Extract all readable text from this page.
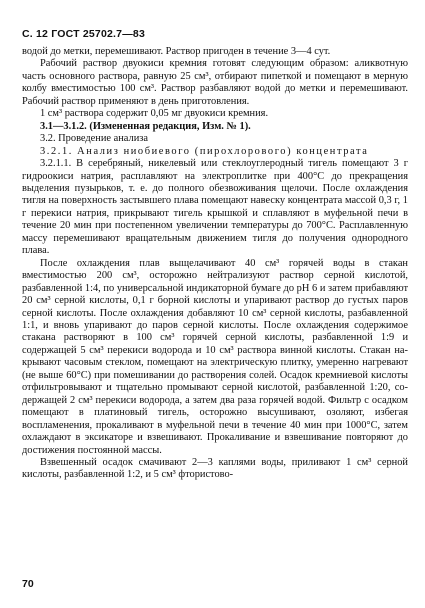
С. 12 ГОСТ 25702.7—83

водой до метки, перемешивают. Раствор пригоден в течение 3—4 сут.

Рабочий раствор двуокиси кремния готовят следующим образом: аликвотную часть основного раствора, равную 25 см³, отбирают пипеткой и помещают в мерную колбу вместимостью 100 см³. Раствор разбавляют водой до метки и перемешивают. Рабочий раствор применяют в день приготовления.

1 см³ раствора содержит 0,05 мг двуокиси кремния.

3.1—3.1.2. (Измененная редакция, Изм. № 1).

3.2. Проведение анализа

3.2.1. Анализ ниобиевого (пирохлорового) концентрата

3.2.1.1. В серебряный, никелевый или стеклоуглеродный тигель помещают 3 г гидроокиси натрия, расплавляют на электроплитке при 400°С до прекращения выделения пузырьков, т. е. до полного обезвоживания щелочи. После охлаждения тигля на поверхность застывшего плава помещают навеску концентрата массой 0,3 г, 1 г перекиси натрия, прикрывают тигель крышкой и сплавляют в муфельной печи в течение 20 мин при постепенном увеличении температуры до 700°С. Расплавленную массу перемешивают вращательным движением тигля до получения однородного плава.

После охлаждения плав выщелачивают 40 см³ горячей воды в стакан вместимостью 200 см³, осторожно нейтрализуют раствор серной кислотой, разбавленной 1:4, по универсальной индикаторной бумаге до рН 6 и затем прибавляют 20 см³ серной кислоты, 0,1 г борной кислоты и упаривают раствор до густых паров серной кислоты. После охлаждения добавляют 10 см³ серной кислоты, разбавленной 1:1, и вновь упаривают до паров серной кислоты. После охлаждения содержимое стакана растворяют в 100 см³ горячей серной кислоты, разбавленной 1:9 и содержащей 5 см³ перекиси водорода и 10 см³ раствора винной кислоты. Стакан накрывают часовым стеклом, помещают на электрическую плитку, умеренно нагревают (не выше 60°С) при помешивании до растворения солей. Осадок кремниевой кислоты отфильтровывают и тщательно промывают серной кислотой, разбавленной 1:20, содержащей 2 см³ перекиси водорода, а затем два раза горячей водой. Фильтр с осадком помещают в платиновый тигель, осторожно высушивают, озоляют, избегая воспламенения, прокаливают в муфельной печи в течение 40 мин при 1000°С, затем охлаждают в эксикаторе и взвешивают. Прокаливание и взвешивание повторяют до достижения постоянной массы.

Взвешенный осадок смачивают 2—3 каплями воды, приливают 1 см³ серной кислоты, разбавленной 1:2, и 5 см³ фтористово-

70
